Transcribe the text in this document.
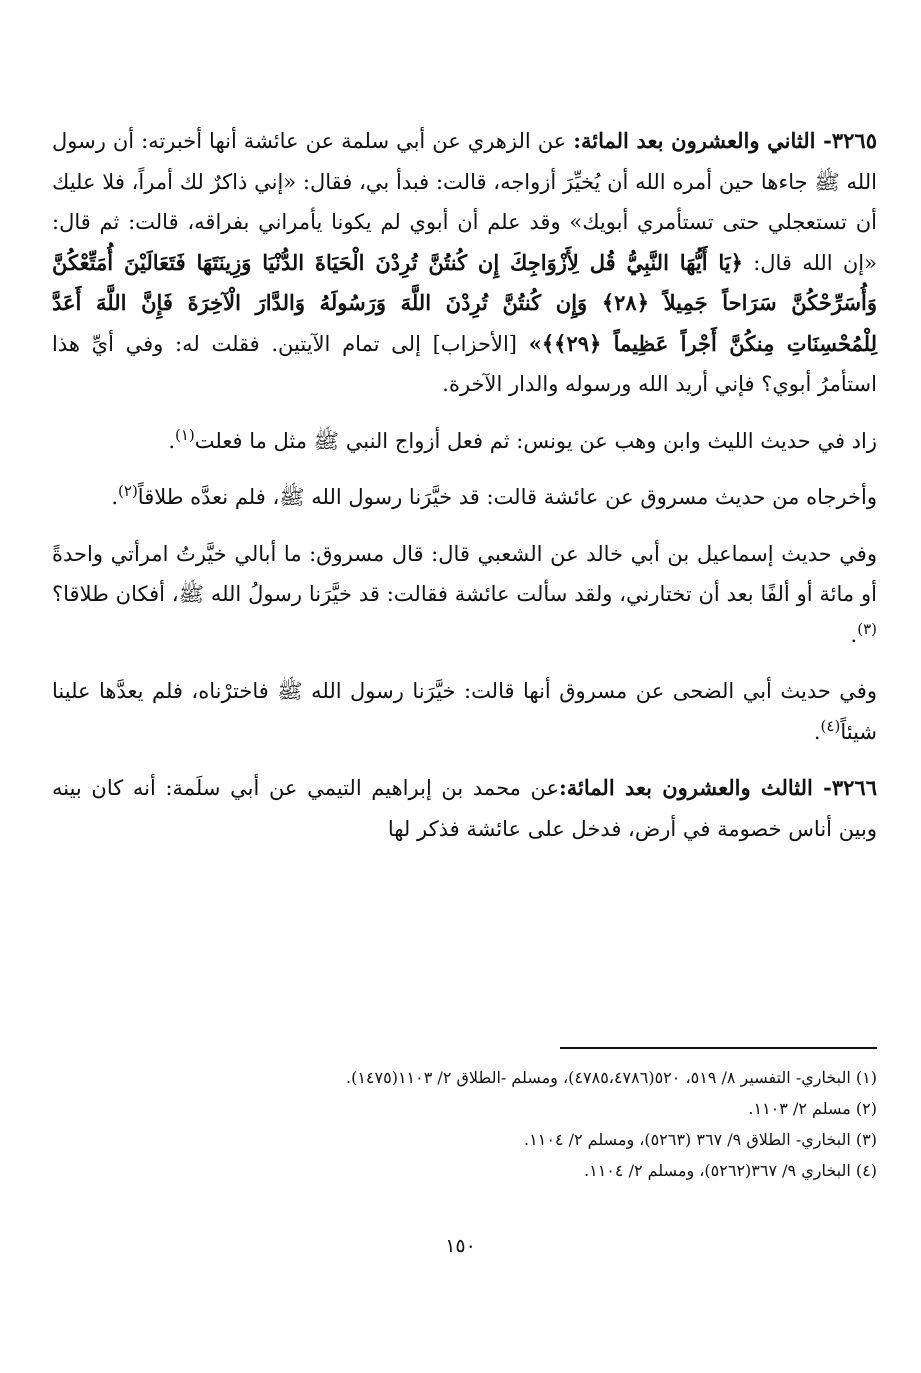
٣٢٦٥- الثاني والعشرون بعد المائة: عن الزهري عن أبي سلمة عن عائشة أنها أخبرته: أن رسول الله ﷺ جاءها حين أمره الله أن يُخيِّرَ أزواجه، قالت: فبدأ بي، فقال: «إني ذاكرٌ لك أمراً، فلا عليك أن تستعجلي حتى تستأمري أبويك» وقد علم أن أبوي لم يكونا يأمراني بفراقه، قالت: ثم قال: «إن الله قال: ﴿يَا أَيُّهَا النَّبِيُّ قُل لِأَزْوَاجِكَ إِن كُنتُنَّ تُرِدْنَ الْحَيَاةَ الدُّنْيَا وَزِينَتَهَا فَتَعَالَيْنَ أُمَتِّعْكُنَّ وَأُسَرِّحْكُنَّ سَرَاحاً جَمِيلاً ﴿٢٨﴾ وَإِن كُنتُنَّ تُرِدْنَ اللَّهَ وَرَسُولَهُ وَالدَّارَ الْآخِرَةَ فَإِنَّ اللَّهَ أَعَدَّ لِلْمُحْسِنَاتِ مِنكُنَّ أَجْراً عَظِيماً ﴿٢٩﴾﴾» [الأحزاب] إلى تمام الآيتين. فقلت له: وفي أيِّ هذا استأمرُ أبوي؟ فإني أريد الله ورسوله والدار الآخرة.

زاد في حديث الليث وابن وهب عن يونس: ثم فعل أزواج النبي ﷺ مثل ما فعلت$^{(١)}$.

وأخرجاه من حديث مسروق عن عائشة قالت: قد خيَّرَنا رسول الله ﷺ، فلم نعدَّه طلاقاً$^{(٢)}$.

وفي حديث إسماعيل بن أبي خالد عن الشعبي قال: قال مسروق: ما أبالي خيَّرتُ امرأتي واحدةً أو مائة أو ألفًا بعد أن تختارني، ولقد سألت عائشة فقالت: قد خيَّرَنا رسولُ الله ﷺ، أفكان طلاقا؟$^{(٣)}$.

وفي حديث أبي الضحى عن مسروق أنها قالت: خيَّرَنا رسول الله ﷺ فاخترْناه، فلم يعدَّها علينا شيئاً$^{(٤)}$.

٣٢٦٦- الثالث والعشرون بعد المائة:عن محمد بن إبراهيم التيمي عن أبي سلَمة: أنه كان بينه وبين أناس خصومة في أرض، فدخل على عائشة فذكر لها

(١) البخاري- التفسير ٨/ ٥١٩، ٥٢٠(٤٧٨٥،٤٧٨٦)، ومسلم -الطلاق ٢/ ١١٠٣(١٤٧٥).

(٢) مسلم ٢/ ١١٠٣.

(٣) البخاري- الطلاق ٩/ ٣٦٧ (٥٢٦٣)، ومسلم ٢/ ١١٠٤.

(٤) البخاري ٩/ ٣٦٧(٥٢٦٢)، ومسلم ٢/ ١١٠٤.

١٥٠
